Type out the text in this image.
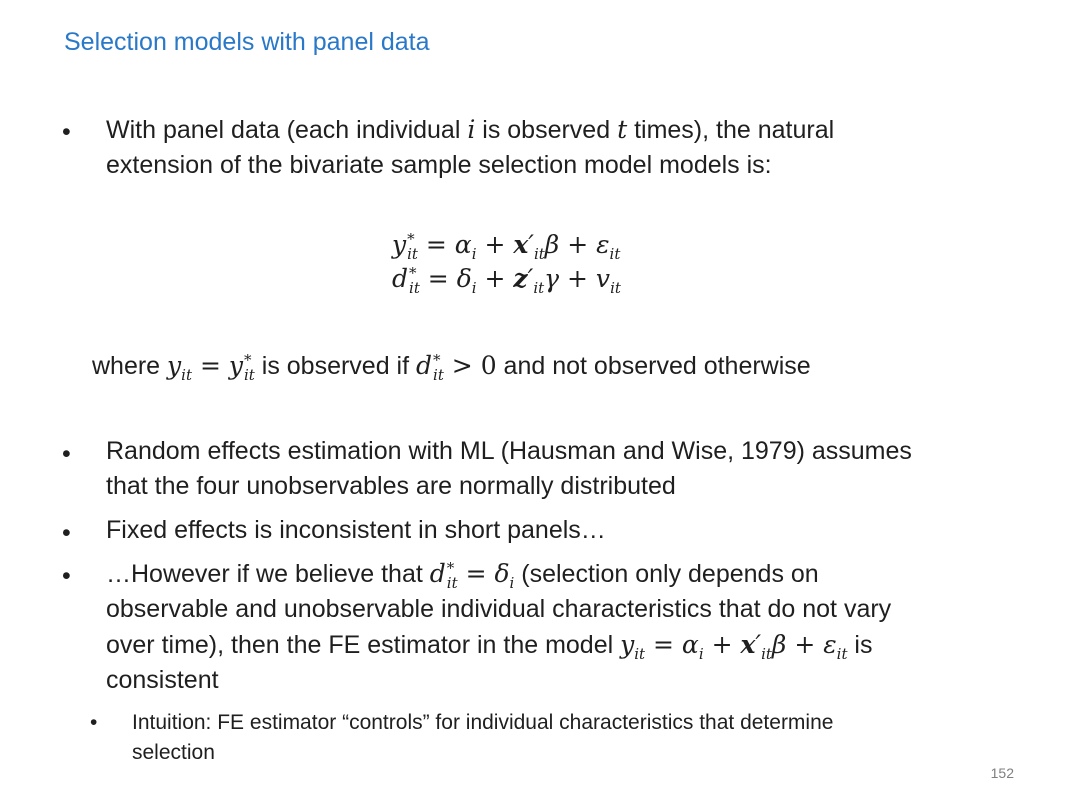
Selection models with panel data
• With panel data (each individual i is observed t times), the natural
extension of the bivariate sample selection model models is:
y *
it = $\alpha_i + x'_{it}\beta + \varepsilon_{it}$
d *
it = $\delta_i + z'_{it}\gamma + v_{it}$
where $y_{it} = y$ *
it is observed if d *
it > 0 and not observed otherwise
• Random effects estimation with ML (Hausman and Wise, 1979) assumes
that the four unobservables are normally distributed
• Fixed effects is inconsistent in short panels…
• …However if we believe that d *
it = $\delta_i$ (selection only depends on
observable and unobservable individual characteristics that do not vary
over time), then the FE estimator in the model $y_{it} = \alpha_i + x'_{it}\beta + \varepsilon_{it}$ is
consistent
• Intuition: FE estimator “controls” for individual characteristics that determine
selection
152
